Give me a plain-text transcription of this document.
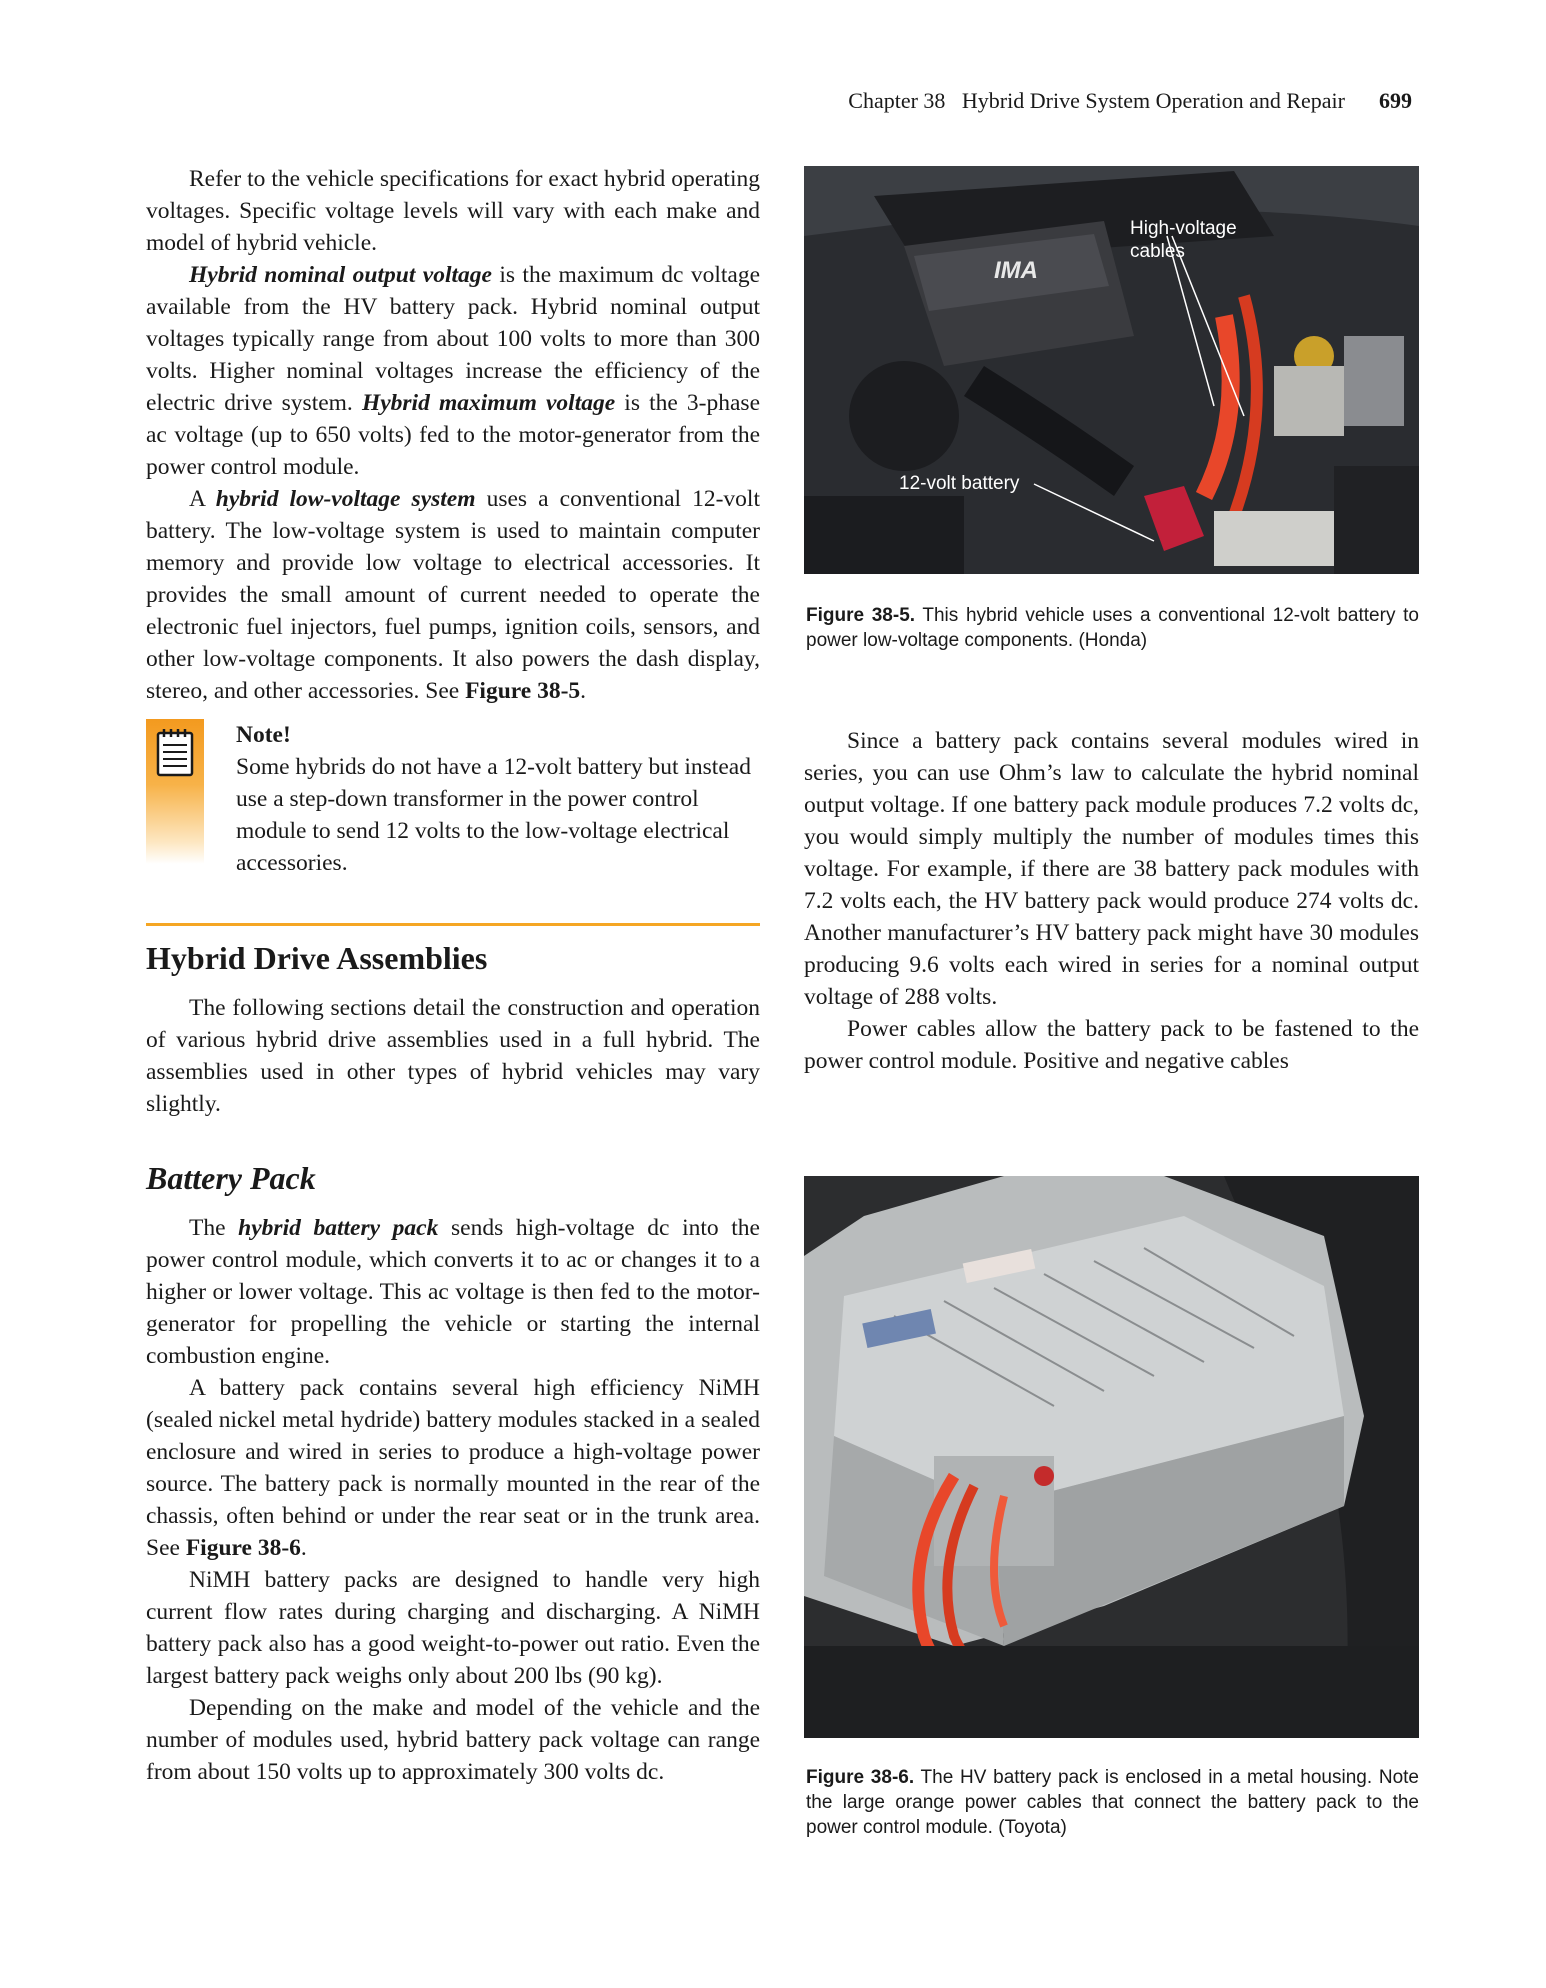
Chapter 38 Hybrid Drive System Operation and Repair 699

Refer to the vehicle specifications for exact hybrid operating voltages. Specific voltage levels will vary with each make and model of hybrid vehicle.

Hybrid nominal output voltage is the maximum dc voltage available from the HV battery pack. Hybrid nominal output voltages typically range from about 100 volts to more than 300 volts. Higher nominal voltages increase the efficiency of the electric drive system. Hybrid maximum voltage is the 3-phase ac voltage (up to 650 volts) fed to the motor-generator from the power control module.

A hybrid low-voltage system uses a conventional 12-volt battery. The low-voltage system is used to maintain computer memory and provide low voltage to electrical accessories. It provides the small amount of current needed to operate the electronic fuel injectors, fuel pumps, ignition coils, sensors, and other low-voltage components. It also powers the dash display, stereo, and other accessories. See Figure 38-5.

Note!
Some hybrids do not have a 12-volt battery but instead use a step-down transformer in the power control module to send 12 volts to the low-voltage electrical accessories.
Hybrid Drive Assemblies

The following sections detail the construction and operation of various hybrid drive assemblies used in a full hybrid. The assemblies used in other types of hybrid vehicles may vary slightly.

Battery Pack

The hybrid battery pack sends high-voltage dc into the power control module, which converts it to ac or changes it to a higher or lower voltage. This ac voltage is then fed to the motor-generator for propelling the vehicle or starting the internal combustion engine.

A battery pack contains several high efficiency NiMH (sealed nickel metal hydride) battery modules stacked in a sealed enclosure and wired in series to produce a high-voltage power source. The battery pack is normally mounted in the rear of the chassis, often behind or under the rear seat or in the trunk area. See Figure 38-6.

NiMH battery packs are designed to handle very high current flow rates during charging and discharging. A NiMH battery pack also has a good weight-to-power out ratio. Even the largest battery pack weighs only about 200 lbs (90 kg).

Depending on the make and model of the vehicle and the number of modules used, hybrid battery pack voltage can range from about 150 volts up to approximately 300 volts dc.

IMA
High-voltage
cables
12-volt battery
Figure 38-5. This hybrid vehicle uses a conventional 12-volt battery to power low-voltage components. (Honda)

Since a battery pack contains several modules wired in series, you can use Ohm’s law to calculate the hybrid nominal output voltage. If one battery pack module produces 7.2 volts dc, you would simply multiply the number of modules times this voltage. For example, if there are 38 battery pack modules with 7.2 volts each, the HV battery pack would produce 274 volts dc. Another manufacturer’s HV battery pack might have 30 modules producing 9.6 volts each wired in series for a nominal output voltage of 288 volts.

Power cables allow the battery pack to be fastened to the power control module. Positive and negative cables

Figure 38-6. The HV battery pack is enclosed in a metal housing. Note the large orange power cables that connect the battery pack to the power control module. (Toyota)
